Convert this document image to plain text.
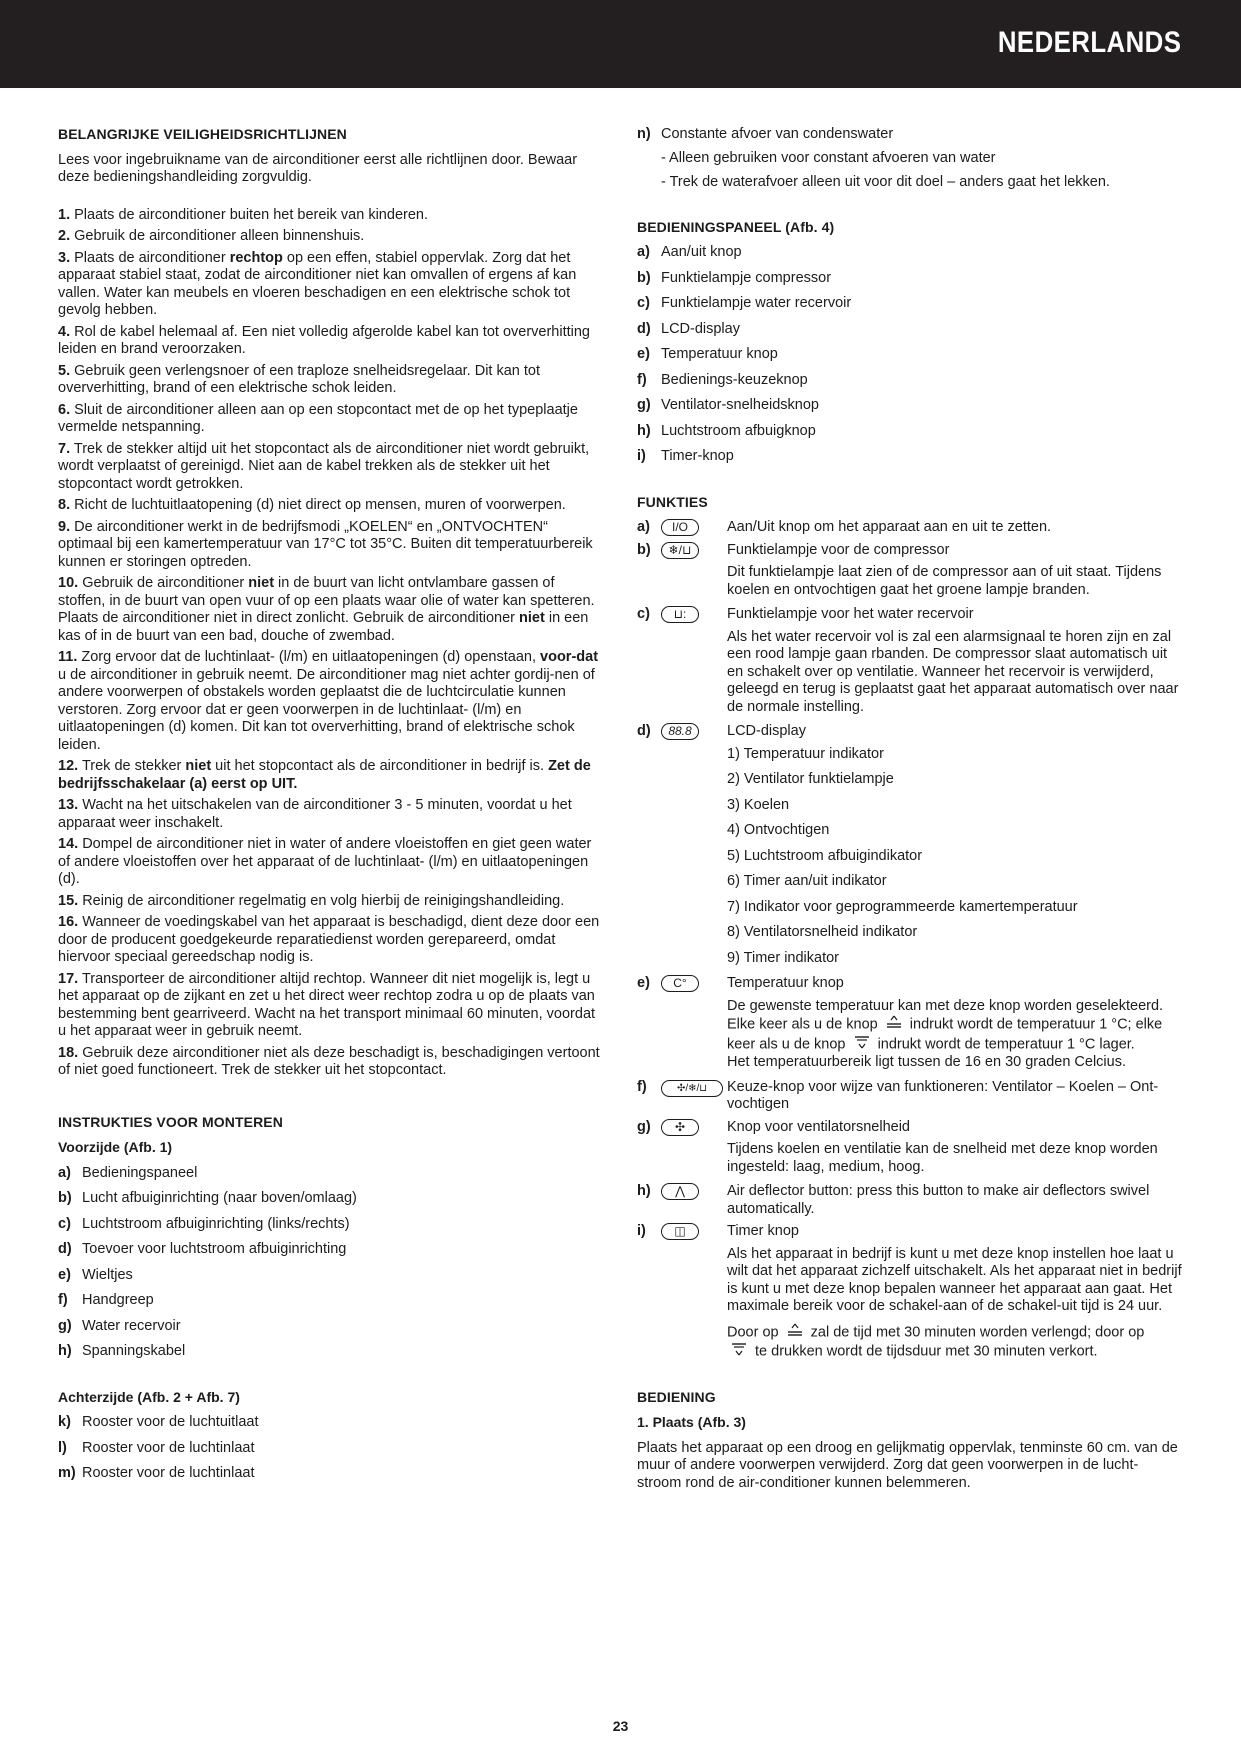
NEDERLANDS
BELANGRIJKE VEILIGHEIDSRICHTLIJNEN

Lees voor ingebruikname van de airconditioner eerst alle richtlijnen door. Bewaar deze bedieningshandleiding zorgvuldig.

1. Plaats de airconditioner buiten het bereik van kinderen.
2. Gebruik de airconditioner alleen binnenshuis.
3. Plaats de airconditioner rechtop op een effen, stabiel oppervlak. Zorg dat het apparaat stabiel staat, zodat de airconditioner niet kan omvallen of ergens af kan vallen. Water kan meubels en vloeren beschadigen en een elektrische schok tot gevolg hebben.
4. Rol de kabel helemaal af. Een niet volledig afgerolde kabel kan tot oververhitting leiden en brand veroorzaken.
5. Gebruik geen verlengsnoer of een traploze snelheidsregelaar. Dit kan tot oververhitting, brand of een elektrische schok leiden.
6. Sluit de airconditioner alleen aan op een stopcontact met de op het typeplaatje vermelde netspanning.
7. Trek de stekker altijd uit het stopcontact als de airconditioner niet wordt gebruikt, wordt verplaatst of gereinigd. Niet aan de kabel trekken als de stekker uit het stopcontact wordt getrokken.
8. Richt de luchtuitlaatopening (d) niet direct op mensen, muren of voorwerpen.
9. De airconditioner werkt in de bedrijfsmodi „KOELEN“ en „ONTVOCHTEN“ optimaal bij een kamertemperatuur van 17°C tot 35°C. Buiten dit temperatuurbereik kunnen er storingen optreden.
10. Gebruik de airconditioner niet in de buurt van licht ontvlambare gassen of stoffen, in de buurt van open vuur of op een plaats waar olie of water kan spetteren. Plaats de airconditioner niet in direct zonlicht. Gebruik de airconditioner niet in een kas of in de buurt van een bad, douche of zwembad.
11. Zorg ervoor dat de luchtinlaat- (l/m) en uitlaatopeningen (d) openstaan, voor-dat u de airconditioner in gebruik neemt. De airconditioner mag niet achter gordij-nen of andere voorwerpen of obstakels worden geplaatst die de luchtcirculatie kunnen verstoren. Zorg ervoor dat er geen voorwerpen in de luchtinlaat- (l/m) en uitlaatopeningen (d) komen. Dit kan tot oververhitting, brand of elektrische schok leiden.
12. Trek de stekker niet uit het stopcontact als de airconditioner in bedrijf is. Zet de bedrijfsschakelaar (a) eerst op UIT.
13. Wacht na het uitschakelen van de airconditioner 3 - 5 minuten, voordat u het apparaat weer inschakelt.
14. Dompel de airconditioner niet in water of andere vloeistoffen en giet geen water of andere vloeistoffen over het apparaat of de luchtinlaat- (l/m) en uitlaatopeningen (d).
15. Reinig de airconditioner regelmatig en volg hierbij de reinigingshandleiding.
16. Wanneer de voedingskabel van het apparaat is beschadigd, dient deze door een door de producent goedgekeurde reparatiedienst worden gerepareerd, omdat hiervoor speciaal gereedschap nodig is.
17. Transporteer de airconditioner altijd rechtop. Wanneer dit niet mogelijk is, legt u het apparaat op de zijkant en zet u het direct weer rechtop zodra u op de plaats van bestemming bent gearriveerd. Wacht na het transport minimaal 60 minuten, voordat u het apparaat weer in gebruik neemt.
18. Gebruik deze airconditioner niet als deze beschadigt is, beschadigingen vertoont of niet goed functioneert. Trek de stekker uit het stopcontact.
INSTRUKTIES VOOR MONTEREN
Voorzijde (Afb. 1)
a) Bedieningspaneel
b) Lucht afbuiginrichting (naar boven/omlaag)
c) Luchtstroom afbuiginrichting (links/rechts)
d) Toevoer voor luchtstroom afbuiginrichting
e) Wieltjes
f) Handgreep
g) Water recervoir
h) Spanningskabel
Achterzijde (Afb. 2 + Afb. 7)
k) Rooster voor de luchtuitlaat
l)	Rooster voor de luchtinlaat
m) Rooster voor de luchtinlaat
n) Constante afvoer van condenswater

- Alleen gebruiken voor constant afvoeren van water

- Trek de waterafvoer alleen uit voor dit doel – anders gaat het lekken.

BEDIENINGSPANEEL (Afb. 4)
a) Aan/uit knop
b) Funktielampje compressor
c) Funktielampje water recervoir
d) LCD-display
e) Temperatuur knop
f) Bedienings-keuzeknop
g) Ventilator-snelheidsknop
h) Luchtstroom afbuigknop
i)	Timer-knop
FUNKTIES
a)	I/O	Aan/Uit knop om het apparaat aan en uit te zetten.
b)	❄/⊔	Funktielampje voor de compressor

Dit funktielampje laat zien of de compressor aan of uit staat. Tijdens koelen en ontvochtigen gaat het groene lampje branden.

c)	⊔:	Funktielampje voor het water recervoir

Als het water recervoir vol is zal een alarmsignaal te horen zijn en zal een rood lampje gaan rbanden. De compressor slaat automatisch uit en schakelt over op ventilatie. Wanneer het recervoir is verwijderd, geleegd en terug is geplaatst gaat het apparaat automatisch over naar de normale instelling.

d)	88.8	LCD-display
1) Temperatuur indikator
2) Ventilator funktielampje
3) Koelen
4) Ontvochtigen
5) Luchtstroom afbuigindikator
6) Timer aan/uit indikator
7) Indikator voor geprogrammeerde kamertemperatuur
8) Ventilatorsnelheid indikator
9) Timer indikator
e)	C°	Temperatuur knop
De gewenste temperatuur kan met deze knop worden geselekteerd.
Elke keer als u de knop indrukt wordt de temperatuur 1 °C; elke
keer als u de knop indrukt wordt de temperatuur 1 °C lager.
Het temperatuurbereik ligt tussen de 16 en 30 graden Celcius.
f)	✣/❄/⊔	Keuze-knop voor wijze van funktioneren: Ventilator – Koelen – Ont-vochtigen
g)	✣	Knop voor ventilatorsnelheid

Tijdens koelen en ventilatie kan de snelheid met deze knop worden ingesteld: laag, medium, hoog.

h)	⋀	Air deflector button: press this button to make air deflectors swivel automatically.
i)	◫	Timer knop
Als het apparaat in bedrijf is kunt u met deze knop instellen hoe laat u wilt dat het apparaat zichzelf uitschakelt. Als het apparaat niet in bedrijf is kunt u met deze knop bepalen wanneer het apparaat aan gaat. Het maximale bereik voor de schakel-aan of de schakel-uit tijd is 24 uur.
Door op zal de tijd met 30 minuten worden verlengd; door op
te drukken wordt de tijdsduur met 30 minuten verkort.
BEDIENING
1. Plaats (Afb. 3)

Plaats het apparaat op een droog en gelijkmatig oppervlak, tenminste 60 cm. van de muur of andere voorwerpen verwijderd. Zorg dat geen voorwerpen in de lucht-stroom rond de air-conditioner kunnen belemmeren.

23
